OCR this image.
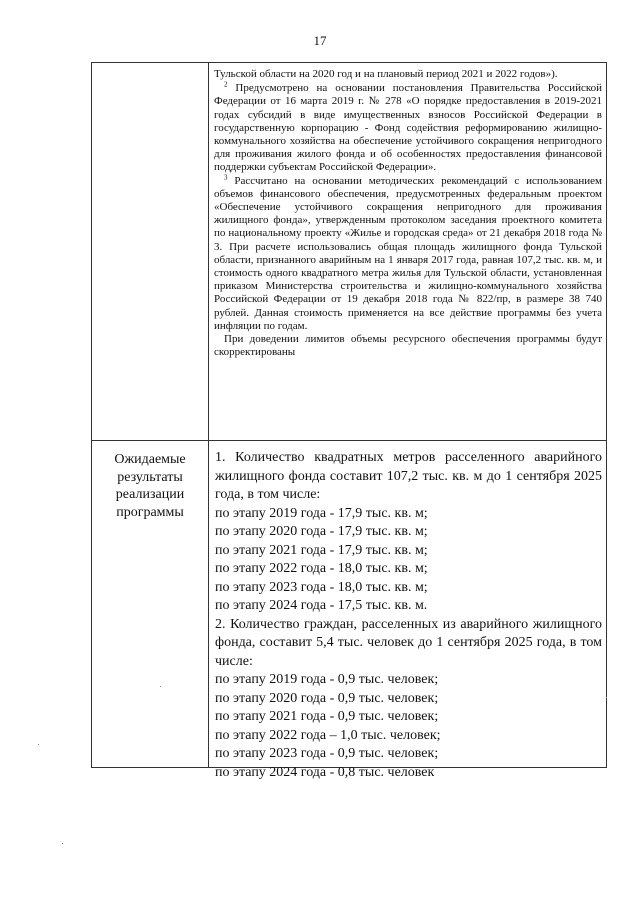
17

Тульской области на 2020 год и на плановый период 2021 и 2022 годов»).

$^2$ Предусмотрено на основании постановления Правительства Российской Федерации от 16 марта 2019 г. № 278 «О порядке предоставления в 2019-2021 годах субсидий в виде имущественных взносов Российской Федерации в государственную корпорацию - Фонд содействия реформированию жилищно-коммунального хозяйства на обеспечение устойчивого сокращения непригодного для проживания жилого фонда и об особенностях предоставления финансовой поддержки субъектам Российской Федерации».

$^3$ Рассчитано на основании методических рекомендаций с использованием объемов финансового обеспечения, предусмотренных федеральным проектом «Обеспечение устойчивого сокращения непригодного для проживания жилищного фонда», утвержденным протоколом заседания проектного комитета по национальному проекту «Жилье и городская среда» от 21 декабря 2018 года № 3. При расчете использовались общая площадь жилищного фонда Тульской области, признанного аварийным на 1 января 2017 года, равная 107,2 тыс. кв. м, и стоимость одного квадратного метра жилья для Тульской области, установленная приказом Министерства строительства и жилищно-коммунального хозяйства Российской Федерации от 19 декабря 2018 года № 822/пр, в размере 38 740 рублей. Данная стоимость применяется на все действие программы без учета инфляции по годам.

При доведении лимитов объемы ресурсного обеспечения программы будут скорректированы

Ожидаемые
результаты
реализации
программы

1. Количество квадратных метров расселенного аварийного жилищного фонда составит 107,2 тыс. кв. м до 1 сентября 2025 года, в том числе:

по этапу 2019 года - 17,9 тыс. кв. м;

по этапу 2020 года - 17,9 тыс. кв. м;

по этапу 2021 года - 17,9 тыс. кв. м;

по этапу 2022 года - 18,0 тыс. кв. м;

по этапу 2023 года - 18,0 тыс. кв. м;

по этапу 2024 года - 17,5 тыс. кв. м.

2. Количество граждан, расселенных из аварийного жилищного фонда, составит 5,4 тыс. человек до 1 сентября 2025 года, в том числе:

по этапу 2019 года - 0,9 тыс. человек;

по этапу 2020 года - 0,9 тыс. человек;

по этапу 2021 года - 0,9 тыс. человек;

по этапу 2022 года – 1,0 тыс. человек;

по этапу 2023 года - 0,9 тыс. человек;

по этапу 2024 года - 0,8 тыс. человек
